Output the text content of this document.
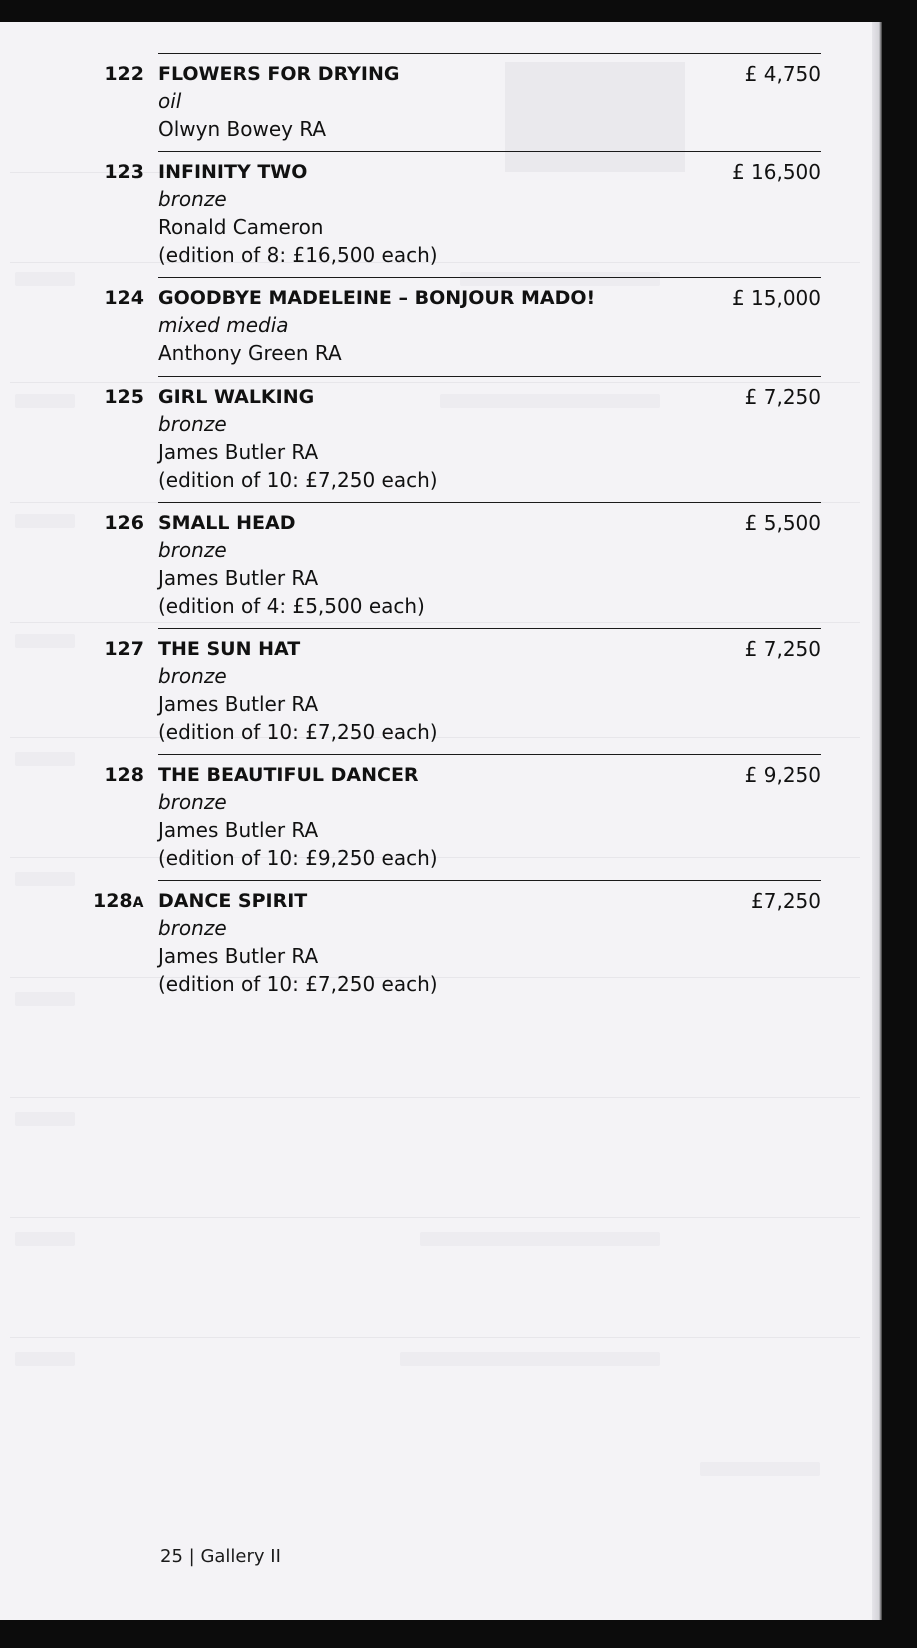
122 FLOWERS FOR DRYING
oil
Olwyn Bowey RA
£ 4,750
123 INFINITY TWO
bronze
Ronald Cameron
(edition of 8: £16,500 each)
£ 16,500
124 GOODBYE MADELEINE – BONJOUR MADO!
mixed media
Anthony Green RA
£ 15,000
125 GIRL WALKING
bronze
James Butler RA
(edition of 10: £7,250 each)
£ 7,250
126 SMALL HEAD
bronze
James Butler RA
(edition of 4: £5,500 each)
£ 5,500
127 THE SUN HAT
bronze
James Butler RA
(edition of 10: £7,250 each)
£ 7,250
128 THE BEAUTIFUL DANCER
bronze
James Butler RA
(edition of 10: £9,250 each)
£ 9,250
128A DANCE SPIRIT
bronze
James Butler RA
(edition of 10: £7,250 each)
£7,250
25 | Gallery II
